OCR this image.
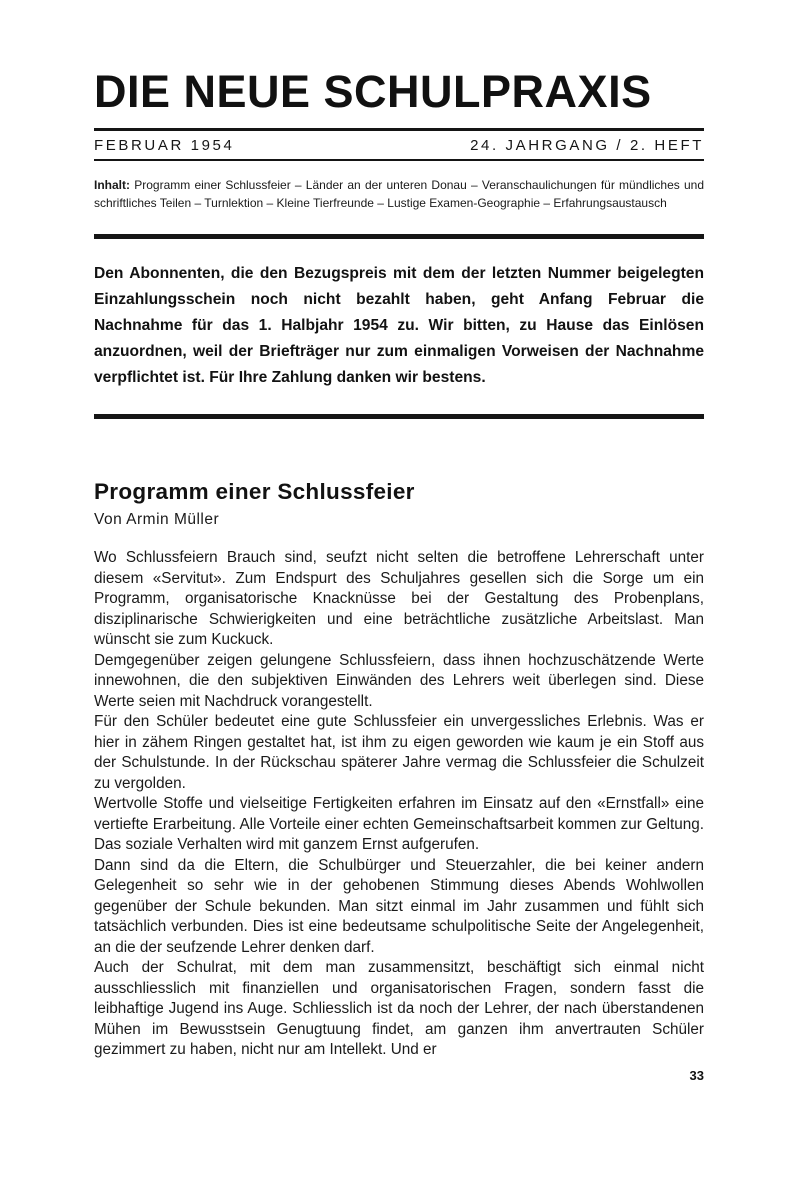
DIE NEUE SCHULPRAXIS
FEBRUAR 1954	24. JAHRGANG / 2. HEFT
Inhalt: Programm einer Schlussfeier – Länder an der unteren Donau – Veranschaulichungen für mündliches und schriftliches Teilen – Turnlektion – Kleine Tierfreunde – Lustige Examen-Geographie – Erfahrungsaustausch
Den Abonnenten, die den Bezugspreis mit dem der letzten Nummer beigelegten Einzahlungsschein noch nicht bezahlt haben, geht Anfang Februar die Nachnahme für das 1. Halbjahr 1954 zu. Wir bitten, zu Hause das Einlösen anzuordnen, weil der Briefträger nur zum einmaligen Vorweisen der Nachnahme verpflichtet ist. Für Ihre Zahlung danken wir bestens.
Programm einer Schlussfeier
Von Armin Müller

Wo Schlussfeiern Brauch sind, seufzt nicht selten die betroffene Lehrerschaft unter diesem «Servitut». Zum Endspurt des Schuljahres gesellen sich die Sorge um ein Programm, organisatorische Knacknüsse bei der Gestaltung des Probenplans, disziplinarische Schwierigkeiten und eine beträchtliche zusätzliche Arbeitslast. Man wünscht sie zum Kuckuck.

Demgegenüber zeigen gelungene Schlussfeiern, dass ihnen hochzuschätzende Werte innewohnen, die den subjektiven Einwänden des Lehrers weit überlegen sind. Diese Werte seien mit Nachdruck vorangestellt.

Für den Schüler bedeutet eine gute Schlussfeier ein unvergessliches Erlebnis. Was er hier in zähem Ringen gestaltet hat, ist ihm zu eigen geworden wie kaum je ein Stoff aus der Schulstunde. In der Rückschau späterer Jahre vermag die Schlussfeier die Schulzeit zu vergolden.

Wertvolle Stoffe und vielseitige Fertigkeiten erfahren im Einsatz auf den «Ernstfall» eine vertiefte Erarbeitung. Alle Vorteile einer echten Gemeinschaftsarbeit kommen zur Geltung. Das soziale Verhalten wird mit ganzem Ernst aufgerufen.

Dann sind da die Eltern, die Schulbürger und Steuerzahler, die bei keiner andern Gelegenheit so sehr wie in der gehobenen Stimmung dieses Abends Wohlwollen gegenüber der Schule bekunden. Man sitzt einmal im Jahr zusammen und fühlt sich tatsächlich verbunden. Dies ist eine bedeutsame schulpolitische Seite der Angelegenheit, an die der seufzende Lehrer denken darf.

Auch der Schulrat, mit dem man zusammensitzt, beschäftigt sich einmal nicht ausschliesslich mit finanziellen und organisatorischen Fragen, sondern fasst die leibhaftige Jugend ins Auge. Schliesslich ist da noch der Lehrer, der nach überstandenen Mühen im Bewusstsein Genugtuung findet, am ganzen ihm anvertrauten Schüler gezimmert zu haben, nicht nur am Intellekt. Und er

33
